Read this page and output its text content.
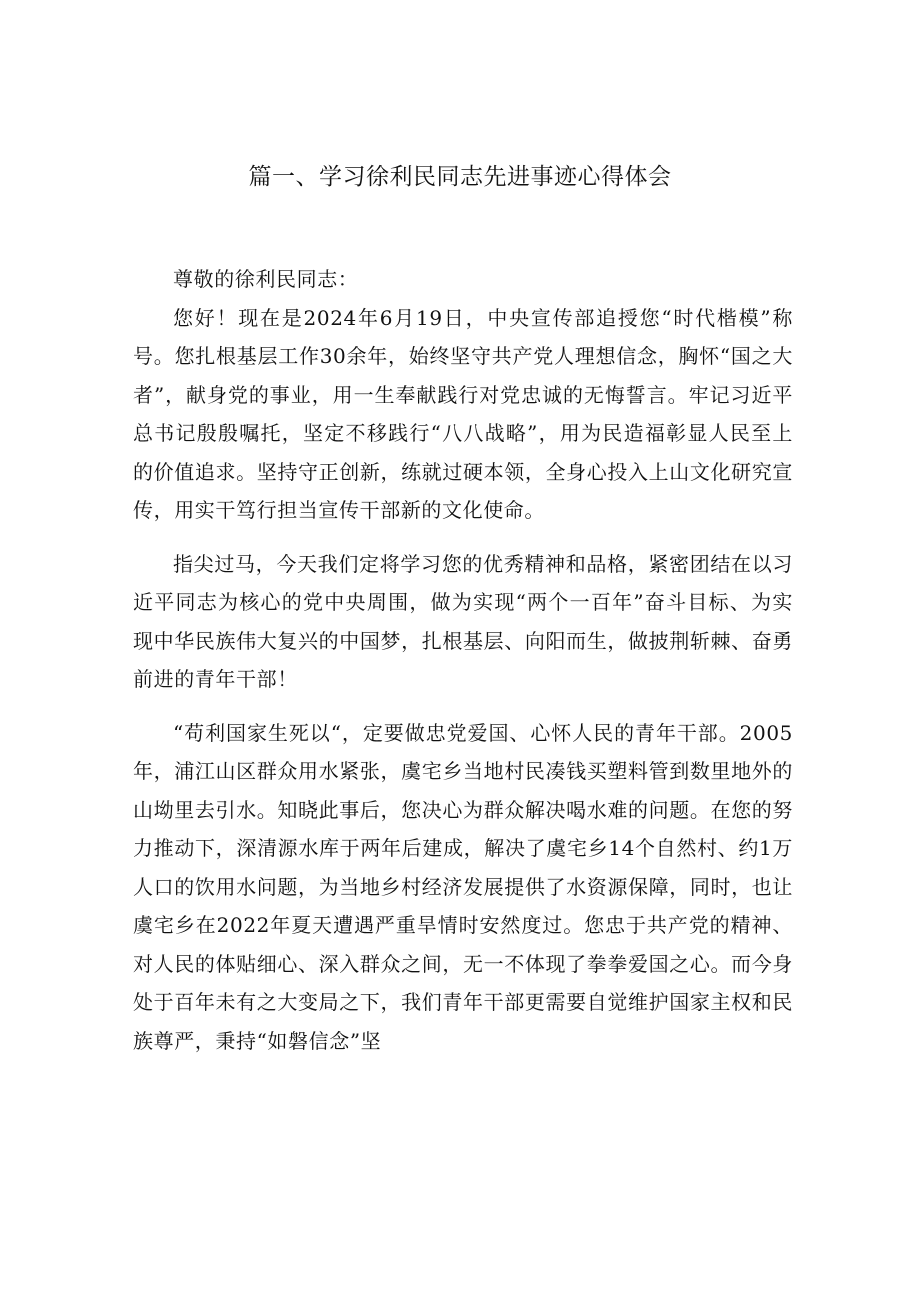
篇一、学习徐利民同志先进事迹心得体会

尊敬的徐利民同志：

您好！现在是2024年6月19日，中央宣传部追授您“时代楷模”称号。您扎根基层工作30余年，始终坚守共产党人理想信念，胸怀“国之大者”，献身党的事业，用一生奉献践行对党忠诚的无悔誓言。牢记习近平总书记殷殷嘱托，坚定不移践行“八八战略”，用为民造福彰显人民至上的价值追求。坚持守正创新，练就过硬本领，全身心投入上山文化研究宣传，用实干笃行担当宣传干部新的文化使命。

指尖过马，今天我们定将学习您的优秀精神和品格，紧密团结在以习近平同志为核心的党中央周围，做为实现“两个一百年”奋斗目标、为实现中华民族伟大复兴的中国梦，扎根基层、向阳而生，做披荆斩棘、奋勇前进的青年干部！

“苟利国家生死以“，定要做忠党爱国、心怀人民的青年干部。2005年，浦江山区群众用水紧张，虞宅乡当地村民凑钱买塑料管到数里地外的山坳里去引水。知晓此事后，您决心为群众解决喝水难的问题。在您的努力推动下，深清源水库于两年后建成，解决了虞宅乡14个自然村、约1万人口的饮用水问题，为当地乡村经济发展提供了水资源保障，同时，也让虞宅乡在2022年夏天遭遇严重旱情时安然度过。您忠于共产党的精神、对人民的体贴细心、深入群众之间，无一不体现了拳拳爱国之心。而今身处于百年未有之大变局之下，我们青年干部更需要自觉维护国家主权和民族尊严，秉持“如磐信念”坚
